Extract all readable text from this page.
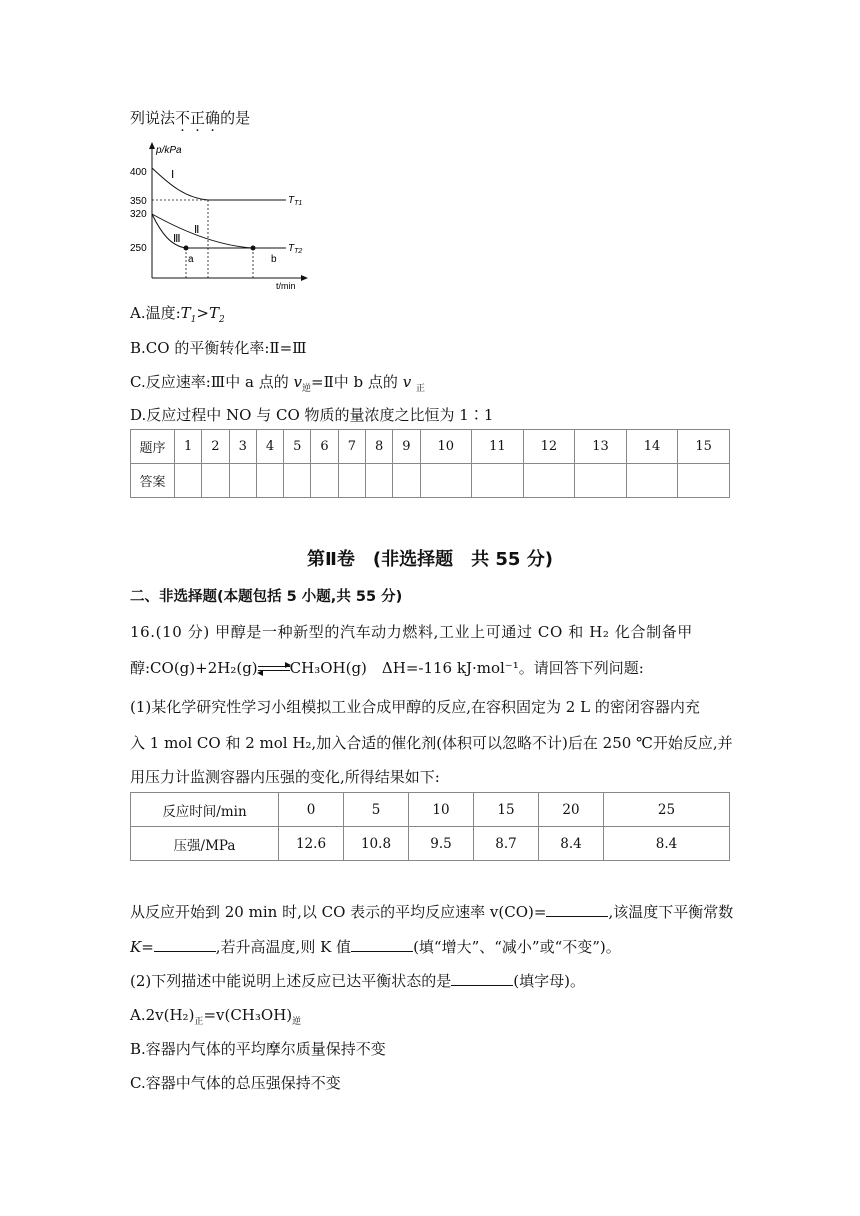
列说法不正确的是
p/kPa
t/min
400
350
320
250
$T_{T1}$
$T_{T2}$
a	b
Ⅰ
Ⅱ
Ⅲ
A.温度$:T_1>T_2$
B.CO 的平衡转化率:Ⅱ=Ⅲ
C.反应速率:Ⅲ中 a 点的 $v_逆=Ⅱ$中 b 点的 v $_正$
D.反应过程中 NO 与 CO 物质的量浓度之比恒为 1∶1
题序	1	2	3	4	5	6	7	8	9	10	11	12	13	14	15
答案															
第Ⅱ卷　(非选择题　共 55 分)
二、非选择题(本题包括 5 小题,共 55 分)
16.(10 分) 甲醇是一种新型的汽车动力燃料,工业上可通过 CO 和 H₂ 化合制备甲
醇:CO(g)+2H₂(g) CH₃OH(g)　ΔH=-116 kJ·mol⁻¹。请回答下列问题:
(1)某化学研究性学习小组模拟工业合成甲醇的反应,在容积固定为 2 L 的密闭容器内充
入 1 mol CO 和 2 mol H₂,加入合适的催化剂(体积可以忽略不计)后在 250 ℃开始反应,并
用压力计监测容器内压强的变化,所得结果如下:
反应时间/min	0	5	10	15	20	25
压强/MPa	12.6	10.8	9.5	8.7	8.4	8.4
从反应开始到 20 min 时,以 CO 表示的平均反应速率 v(CO)=	,该温度下平衡常数
K=	,若升高温度,则 K 值	(填“增大”、“减小”或“不变”)。
(2)下列描述中能说明上述反应已达平衡状态的是	(填字母)。
$A.2v(H_2)_正=v(CH_3OH)_逆$
B.容器内气体的平均摩尔质量保持不变
C.容器中气体的总压强保持不变
